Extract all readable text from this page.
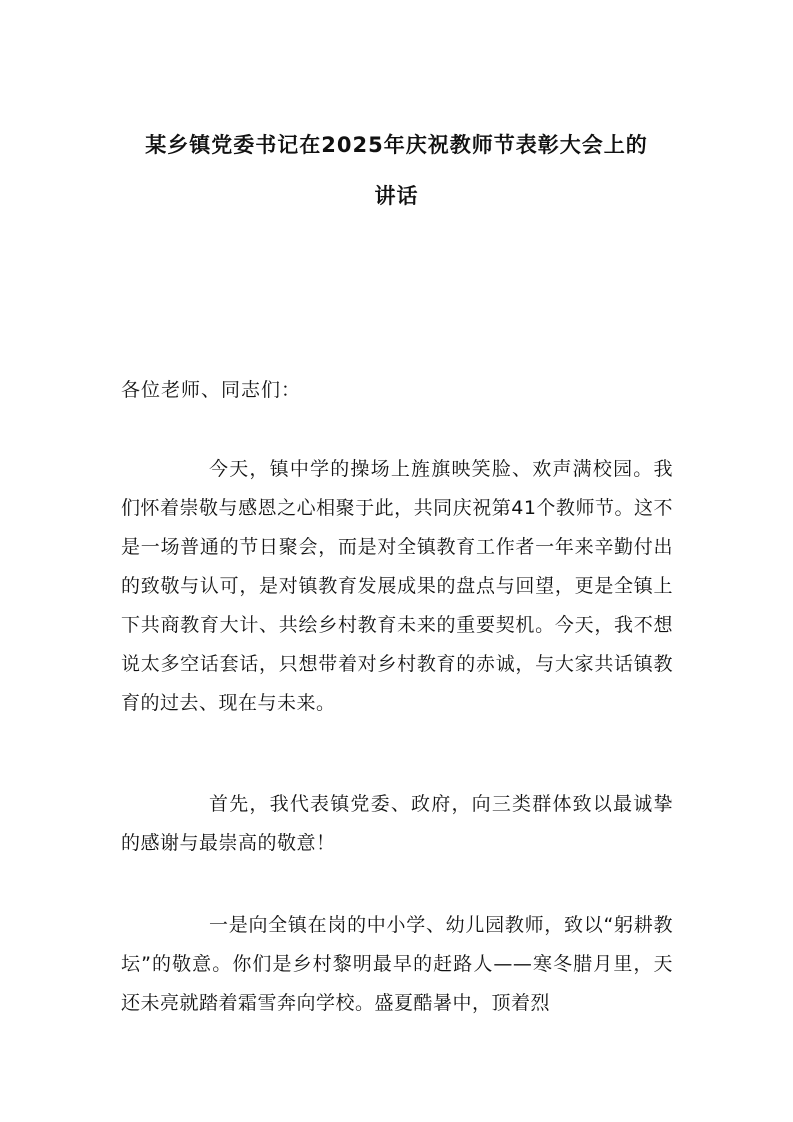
某乡镇党委书记在2025年庆祝教师节表彰大会上的
讲话

各位老师、同志们：

今天，镇中学的操场上旌旗映笑脸、欢声满校园。我们怀着崇敬与感恩之心相聚于此，共同庆祝第41个教师节。这不是一场普通的节日聚会，而是对全镇教育工作者一年来辛勤付出的致敬与认可，是对镇教育发展成果的盘点与回望，更是全镇上下共商教育大计、共绘乡村教育未来的重要契机。今天，我不想说太多空话套话，只想带着对乡村教育的赤诚，与大家共话镇教育的过去、现在与未来。

首先，我代表镇党委、政府，向三类群体致以最诚挚的感谢与最崇高的敬意！

一是向全镇在岗的中小学、幼儿园教师，致以“躬耕教坛”的敬意。你们是乡村黎明最早的赶路人——寒冬腊月里，天还未亮就踏着霜雪奔向学校。盛夏酷暑中，顶着烈
